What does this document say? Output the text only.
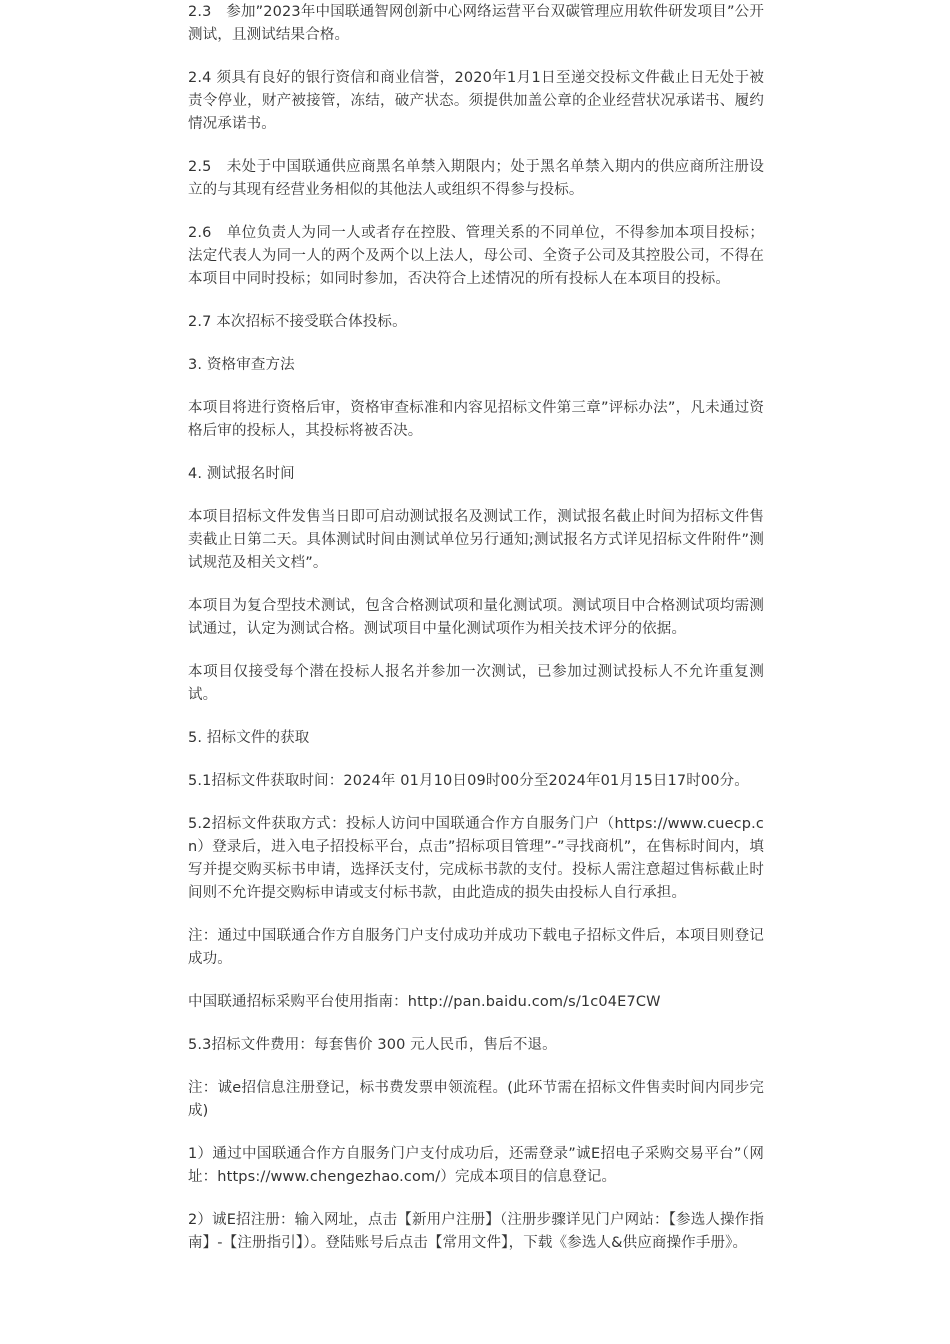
2.3　参加”2023年中国联通智网创新中心网络运营平台双碳管理应用软件研发项目”公开测试，且测试结果合格。

2.4 须具有良好的银行资信和商业信誉，2020年1月1日至递交投标文件截止日无处于被责令停业，财产被接管，冻结，破产状态。须提供加盖公章的企业经营状况承诺书、履约情况承诺书。

2.5　未处于中国联通供应商黑名单禁入期限内；处于黑名单禁入期内的供应商所注册设立的与其现有经营业务相似的其他法人或组织不得参与投标。

2.6　单位负责人为同一人或者存在控股、管理关系的不同单位，不得参加本项目投标；法定代表人为同一人的两个及两个以上法人，母公司、全资子公司及其控股公司，不得在本项目中同时投标；如同时参加，否决符合上述情况的所有投标人在本项目的投标。

2.7 本次招标不接受联合体投标。

3. 资格审查方法

本项目将进行资格后审，资格审查标准和内容见招标文件第三章”评标办法”，凡未通过资格后审的投标人，其投标将被否决。

4. 测试报名时间

本项目招标文件发售当日即可启动测试报名及测试工作，测试报名截止时间为招标文件售卖截止日第二天。具体测试时间由测试单位另行通知;测试报名方式详见招标文件附件”测试规范及相关文档”。

本项目为复合型技术测试，包含合格测试项和量化测试项。测试项目中合格测试项均需测试通过，认定为测试合格。测试项目中量化测试项作为相关技术评分的依据。

本项目仅接受每个潜在投标人报名并参加一次测试，已参加过测试投标人不允许重复测试。

5. 招标文件的获取

5.1招标文件获取时间：2024年 01月10日09时00分至2024年01月15日17时00分。

5.2招标文件获取方式：投标人访问中国联通合作方自服务门户（https://www.cuecp.cn）登录后，进入电子招投标平台，点击”招标项目管理”-”寻找商机”，在售标时间内，填写并提交购买标书申请，选择沃支付，完成标书款的支付。投标人需注意超过售标截止时间则不允许提交购标申请或支付标书款，由此造成的损失由投标人自行承担。

注：通过中国联通合作方自服务门户支付成功并成功下载电子招标文件后，本项目则登记成功。

中国联通招标采购平台使用指南：http://pan.baidu.com/s/1c04E7CW

5.3招标文件费用：每套售价 300 元人民币，售后不退。

注：诚e招信息注册登记，标书费发票申领流程。(此环节需在招标文件售卖时间内同步完成)

1）通过中国联通合作方自服务门户支付成功后，还需登录”诚E招电子采购交易平台”（网址：https://www.chengezhao.com/）完成本项目的信息登记。

2）诚E招注册：输入网址，点击【新用户注册】（注册步骤详见门户网站：【参选人操作指南】-【注册指引】）。登陆账号后点击【常用文件】，下载《参选人&供应商操作手册》。
